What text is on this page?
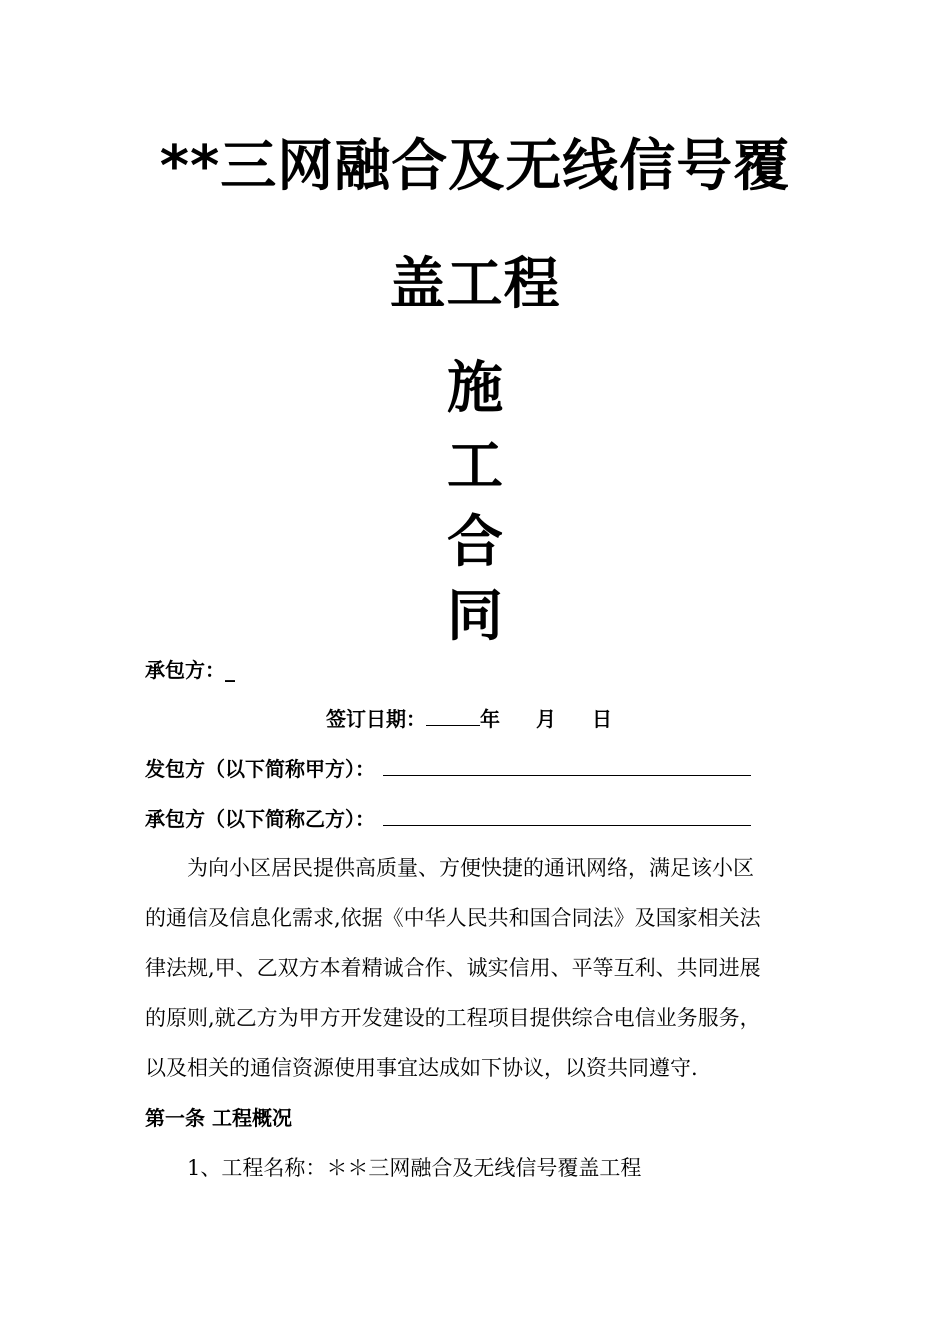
**三网融合及无线信号覆
盖工程
施
工
合
同
承包方：_
签订日期：	年 月 日
发包方（以下简称甲方）：
承包方（以下简称乙方）：
为向小区居民提供高质量、方便快捷的通讯网络，满足该小区
的通信及信息化需求,依据《中华人民共和国合同法》及国家相关法
律法规,甲、乙双方本着精诚合作、诚实信用、平等互利、共同进展
的原则,就乙方为甲方开发建设的工程项目提供综合电信业务服务，
以及相关的通信资源使用事宜达成如下协议，以资共同遵守.
第一条 工程概况
1、工程名称：＊＊三网融合及无线信号覆盖工程
